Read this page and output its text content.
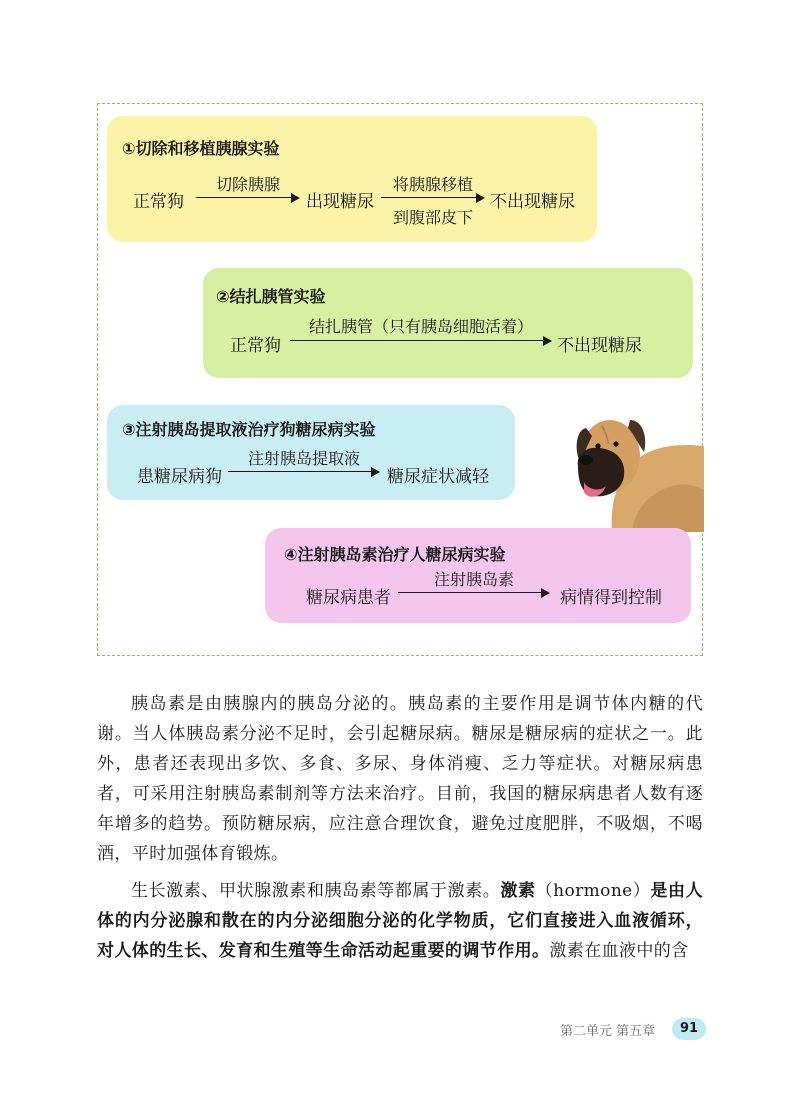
①切除和移植胰腺实验
正常狗
切除胰腺
出现糖尿
将胰腺移植
到腹部皮下
不出现糖尿
②结扎胰管实验
正常狗
结扎胰管（只有胰岛细胞活着）
不出现糖尿
③注射胰岛提取液治疗狗糖尿病实验
患糖尿病狗
注射胰岛提取液
糖尿症状减轻
④注射胰岛素治疗人糖尿病实验
糖尿病患者
注射胰岛素
病情得到控制

胰岛素是由胰腺内的胰岛分泌的。胰岛素的主要作用是调节体内糖的代谢。当人体胰岛素分泌不足时，会引起糖尿病。糖尿是糖尿病的症状之一。此外，患者还表现出多饮、多食、多尿、身体消瘦、乏力等症状。对糖尿病患者，可采用注射胰岛素制剂等方法来治疗。目前，我国的糖尿病患者人数有逐年增多的趋势。预防糖尿病，应注意合理饮食，避免过度肥胖，不吸烟，不喝酒，平时加强体育锻炼。

生长激素、甲状腺激素和胰岛素等都属于激素。激素（hormone）是由人体的内分泌腺和散在的内分泌细胞分泌的化学物质，它们直接进入血液循环，对人体的生长、发育和生殖等生命活动起重要的调节作用。激素在血液中的含

第二单元 第五章	91
